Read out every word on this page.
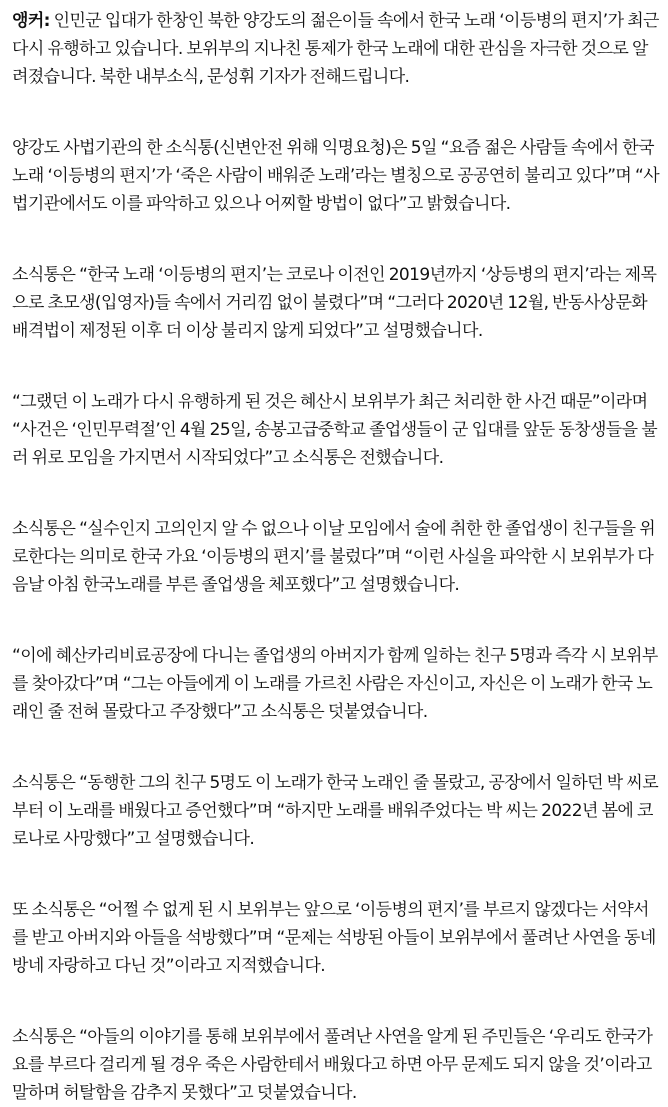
앵커: 인민군 입대가 한창인 북한 양강도의 젊은이들 속에서 한국 노래 ‘이등병의 편지’가 최근 다시 유행하고 있습니다. 보위부의 지나친 통제가 한국 노래에 대한 관심을 자극한 것으로 알려졌습니다. 북한 내부소식, 문성휘 기자가 전해드립니다.

양강도 사법기관의 한 소식통(신변안전 위해 익명요청)은 5일 “요즘 젊은 사람들 속에서 한국노래 ‘이등병의 편지’가 ‘죽은 사람이 배워준 노래’라는 별칭으로 공공연히 불리고 있다”며 “사법기관에서도 이를 파악하고 있으나 어찌할 방법이 없다”고 밝혔습니다.

소식통은 “한국 노래 ‘이등병의 편지’는 코로나 이전인 2019년까지 ‘상등병의 편지’라는 제목으로 초모생(입영자)들 속에서 거리낌 없이 불렸다”며 “그러다 2020년 12월, 반동사상문화배격법이 제정된 이후 더 이상 불리지 않게 되었다”고 설명했습니다.

“그랬던 이 노래가 다시 유행하게 된 것은 혜산시 보위부가 최근 처리한 한 사건 때문”이라며 “사건은 ‘인민무력절’인 4월 25일, 송봉고급중학교 졸업생들이 군 입대를 앞둔 동창생들을 불러 위로 모임을 가지면서 시작되었다”고 소식통은 전했습니다.

소식통은 “실수인지 고의인지 알 수 없으나 이날 모임에서 술에 취한 한 졸업생이 친구들을 위로한다는 의미로 한국 가요 ‘이등병의 편지’를 불렀다”며 “이런 사실을 파악한 시 보위부가 다음날 아침 한국노래를 부른 졸업생을 체포했다”고 설명했습니다.

“이에 혜산카리비료공장에 다니는 졸업생의 아버지가 함께 일하는 친구 5명과 즉각 시 보위부를 찾아갔다”며 “그는 아들에게 이 노래를 가르친 사람은 자신이고, 자신은 이 노래가 한국 노래인 줄 전혀 몰랐다고 주장했다”고 소식통은 덧붙였습니다.

소식통은 “동행한 그의 친구 5명도 이 노래가 한국 노래인 줄 몰랐고, 공장에서 일하던 박 씨로부터 이 노래를 배웠다고 증언했다”며 “하지만 노래를 배워주었다는 박 씨는 2022년 봄에 코로나로 사망했다”고 설명했습니다.

또 소식통은 “어쩔 수 없게 된 시 보위부는 앞으로 ‘이등병의 편지’를 부르지 않겠다는 서약서를 받고 아버지와 아들을 석방했다”며 “문제는 석방된 아들이 보위부에서 풀려난 사연을 동네방네 자랑하고 다닌 것”이라고 지적했습니다.

소식통은 “아들의 이야기를 통해 보위부에서 풀려난 사연을 알게 된 주민들은 ‘우리도 한국가요를 부르다 걸리게 될 경우 죽은 사람한테서 배웠다고 하면 아무 문제도 되지 않을 것’이라고 말하며 허탈함을 감추지 못했다”고 덧붙였습니다.
